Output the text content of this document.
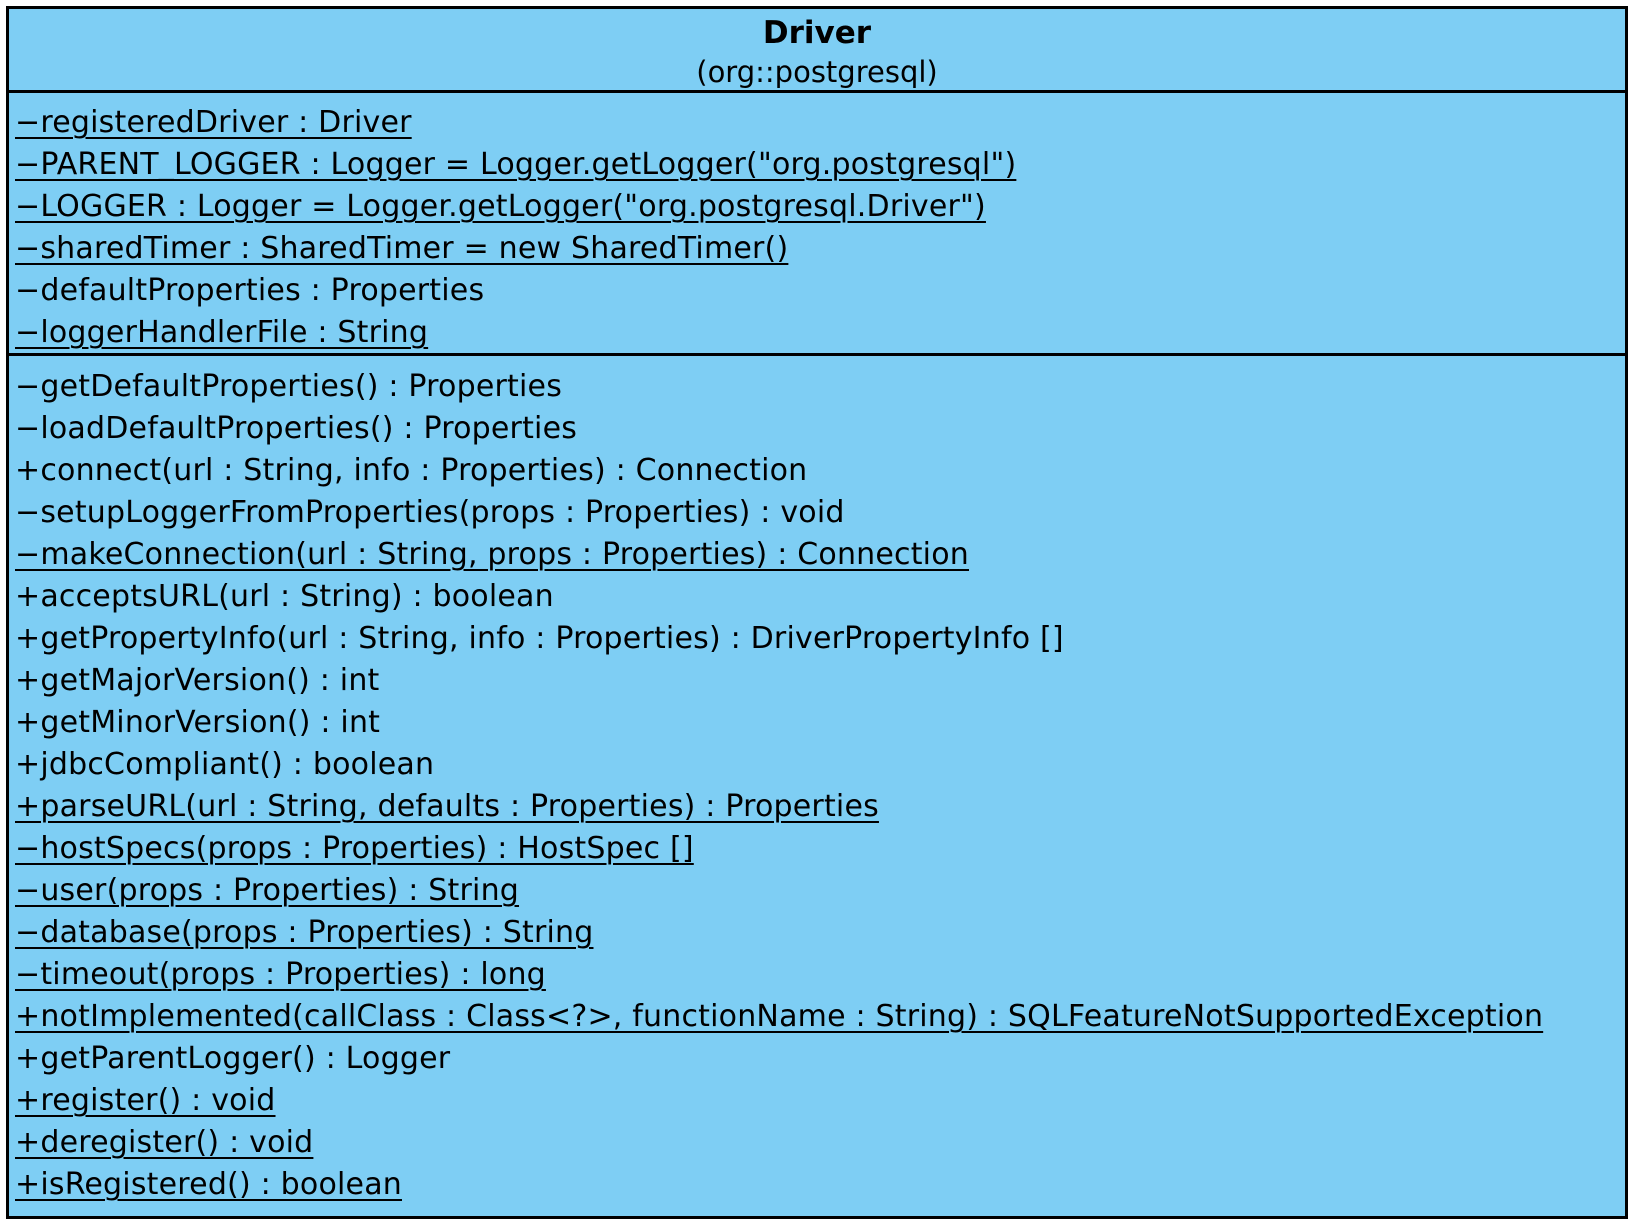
Driver
(org::postgresql)
−registeredDriver : Driver
−PARENT_LOGGER : Logger = Logger.getLogger("org.postgresql")
−LOGGER : Logger = Logger.getLogger("org.postgresql.Driver")
−sharedTimer : SharedTimer = new SharedTimer()
−defaultProperties : Properties
−loggerHandlerFile : String
−getDefaultProperties() : Properties
−loadDefaultProperties() : Properties
+connect(url : String, info : Properties) : Connection
−setupLoggerFromProperties(props : Properties) : void
−makeConnection(url : String, props : Properties) : Connection
+acceptsURL(url : String) : boolean
+getPropertyInfo(url : String, info : Properties) : DriverPropertyInfo []
+getMajorVersion() : int
+getMinorVersion() : int
+jdbcCompliant() : boolean
+parseURL(url : String, defaults : Properties) : Properties
−hostSpecs(props : Properties) : HostSpec []
−user(props : Properties) : String
−database(props : Properties) : String
−timeout(props : Properties) : long
+notImplemented(callClass : Class<?>, functionName : String) : SQLFeatureNotSupportedException
+getParentLogger() : Logger
+register() : void
+deregister() : void
+isRegistered() : boolean
